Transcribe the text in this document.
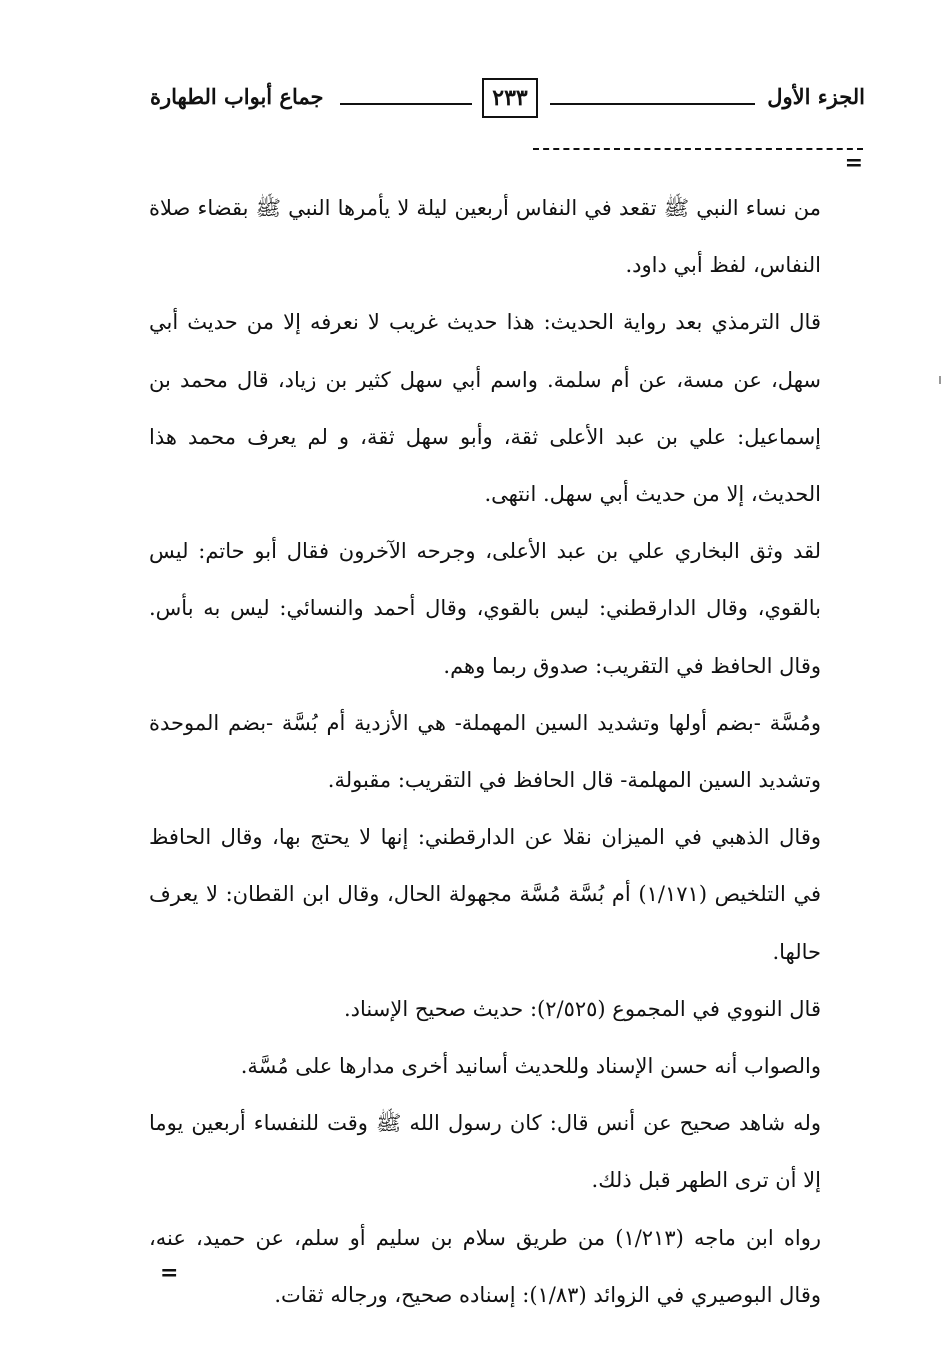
الجزء الأول
٢٣٣
جماع أبواب الطهارة
=

من نساء النبي ﷺ تقعد في النفاس أربعين ليلة لا يأمرها النبي ﷺ بقضاء صلاة النفاس، لفظ أبي داود.

قال الترمذي بعد رواية الحديث: هذا حديث غريب لا نعرفه إلا من حديث أبي سهل، عن مسة، عن أم سلمة. واسم أبي سهل كثير بن زياد، قال محمد بن إسماعيل: علي بن عبد الأعلى ثقة، وأبو سهل ثقة، و لم يعرف محمد هذا الحديث، إلا من حديث أبي سهل. انتهى.

لقد وثق البخاري علي بن عبد الأعلى، وجرحه الآخرون فقال أبو حاتم: ليس بالقوي، وقال الدارقطني: ليس بالقوي، وقال أحمد والنسائي: ليس به بأس. وقال الحافظ في التقريب: صدوق ربما وهم.

ومُسَّة -بضم أولها وتشديد السين المهملة- هي الأزدية أم بُسَّة -بضم الموحدة وتشديد السين المهلمة- قال الحافظ في التقريب: مقبولة.

وقال الذهبي في الميزان نقلا عن الدارقطني: إنها لا يحتج بها، وقال الحافظ في التلخيص (١/١٧١) أم بُسَّة مُسَّة مجهولة الحال، وقال ابن القطان: لا يعرف حالها.

قال النووي في المجموع (٢/٥٢٥): حديث صحيح الإسناد.

والصواب أنه حسن الإسناد وللحديث أسانيد أخرى مدارها على مُسَّة.

وله شاهد صحيح عن أنس قال: كان رسول الله ﷺ وقت للنفساء أربعين يوما إلا أن ترى الطهر قبل ذلك.

رواه ابن ماجه (١/٢١٣) من طريق سلام بن سليم أو سلم، عن حميد، عنه، وقال البوصيري في الزوائد (١/٨٣): إسناده صحيح، ورجاله ثقات.

=
